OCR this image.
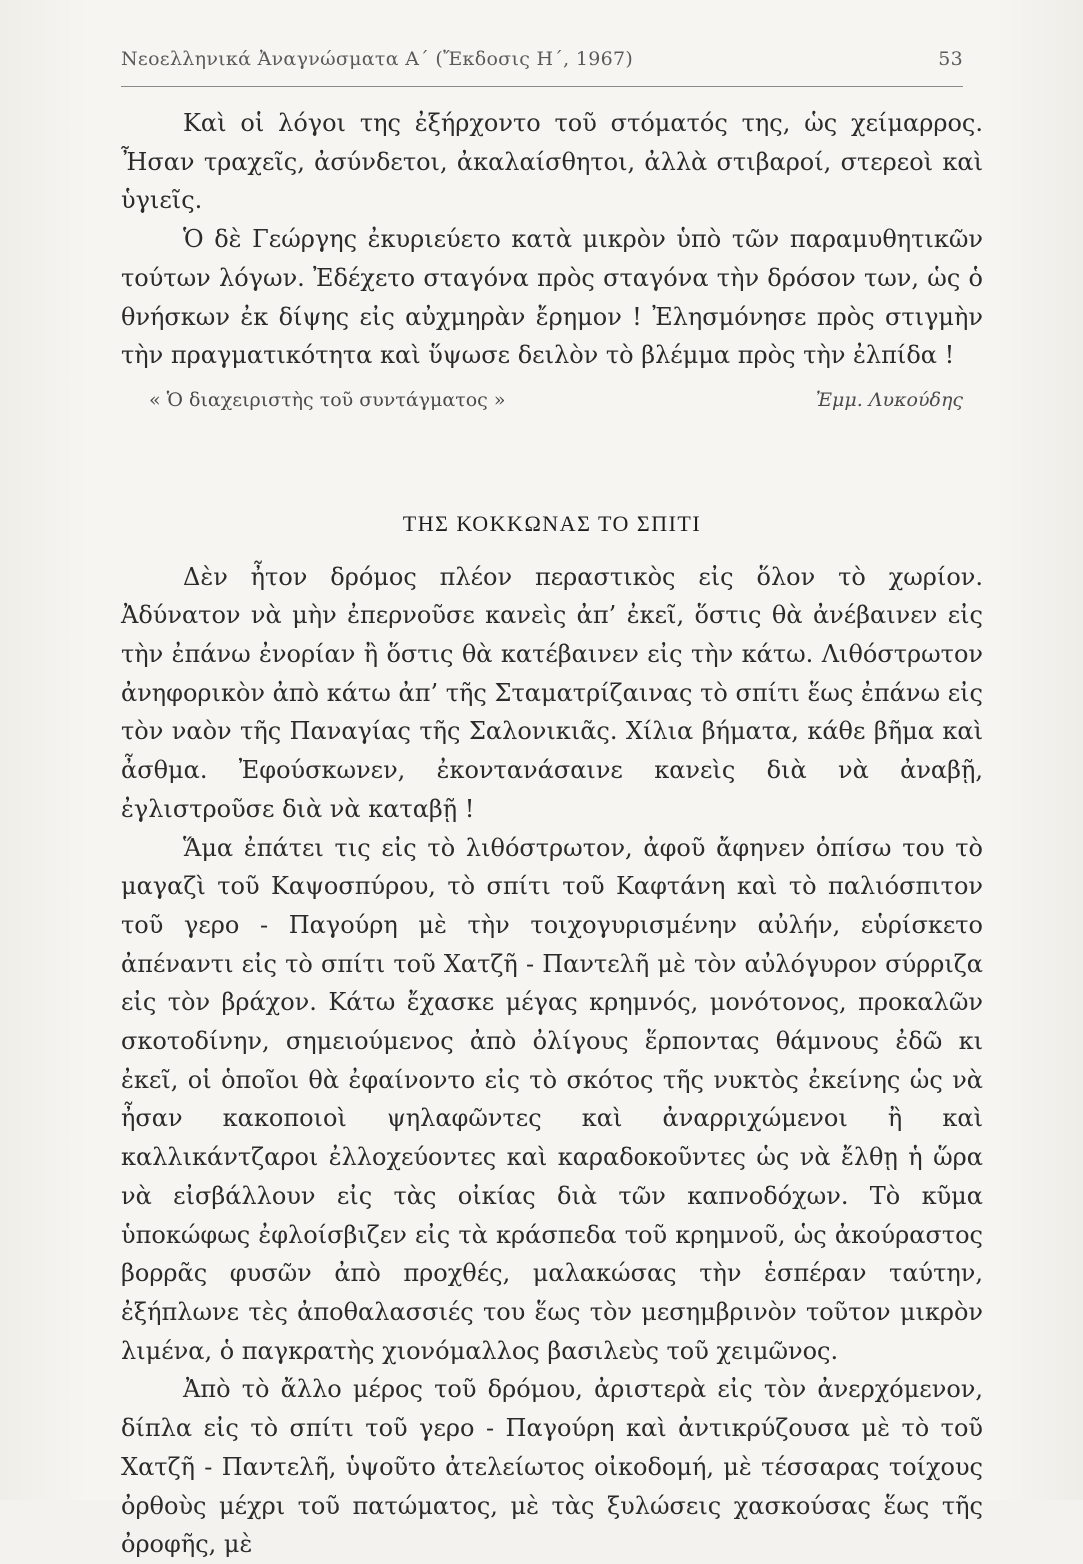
Νεοελληνικά Ἀναγνώσματα Α΄ (Ἔκδοσις Η΄, 1967)	53

Καὶ οἱ λόγοι της ἐξήρχοντο τοῦ στόματός της, ὡς χείμαρρος. Ἦσαν τραχεῖς, ἀσύνδετοι, ἀκαλαίσθητοι, ἀλλὰ στιβαροί, στερεοὶ καὶ ὑγιεῖς.

Ὁ δὲ Γεώργης ἐκυριεύετο κατὰ μικρὸν ὑπὸ τῶν παραμυθητικῶν τούτων λόγων. Ἐδέχετο σταγόνα πρὸς σταγόνα τὴν δρόσον των, ὡς ὁ θνήσκων ἐκ δίψης εἰς αὐχμηρὰν ἔρημον ! Ἐλησμόνησε πρὸς στιγμὴν τὴν πραγματικότητα καὶ ὕψωσε δειλὸν τὸ βλέμμα πρὸς τὴν ἐλπίδα !

« Ὁ διαχειριστὴς τοῦ συντάγματος »	Ἐμμ. Λυκούδης
ΤΗΣ ΚΟΚΚΩΝΑΣ ΤΟ ΣΠΙΤΙ

Δὲν ἦτον δρόμος πλέον περαστικὸς εἰς ὅλον τὸ χωρίον. Ἀδύνατον νὰ μὴν ἐπερνοῦσε κανεὶς ἀπ’ ἐκεῖ, ὅστις θὰ ἀνέβαινεν εἰς τὴν ἐπάνω ἐνορίαν ἢ ὅστις θὰ κατέβαινεν εἰς τὴν κάτω. Λιθόστρωτον ἀνηφορικὸν ἀπὸ κάτω ἀπ’ τῆς Σταματρίζαινας τὸ σπίτι ἕως ἐπάνω εἰς τὸν ναὸν τῆς Παναγίας τῆς Σαλονικιᾶς. Χίλια βήματα, κάθε βῆμα καὶ ἆσθμα. Ἐφούσκωνεν, ἐκοντανάσαινε κανεὶς διὰ νὰ ἀναβῇ, ἐγλιστροῦσε διὰ νὰ καταβῇ !

Ἅμα ἐπάτει τις εἰς τὸ λιθόστρωτον, ἀφοῦ ἄφηνεν ὀπίσω του τὸ μαγαζὶ τοῦ Καψοσπύρου, τὸ σπίτι τοῦ Καφτάνη καὶ τὸ παλιόσπιτον τοῦ γερο - Παγούρη μὲ τὴν τοιχογυρισμένην αὐλήν, εὑρίσκετο ἀπέναντι εἰς τὸ σπίτι τοῦ Χατζῆ - Παντελῆ μὲ τὸν αὐλόγυρον σύρριζα εἰς τὸν βράχον. Κάτω ἔχασκε μέγας κρημνός, μονότονος, προκαλῶν σκοτοδίνην, σημειούμενος ἀπὸ ὀλίγους ἕρποντας θάμνους ἐδῶ κι ἐκεῖ, οἱ ὁποῖοι θὰ ἐφαίνοντο εἰς τὸ σκότος τῆς νυκτὸς ἐκείνης ὡς νὰ ἦσαν κακοποιοὶ ψηλαφῶντες καὶ ἀναρριχώμενοι ἢ καὶ καλλικάντζαροι ἐλλοχεύοντες καὶ καραδοκοῦντες ὡς νὰ ἔλθῃ ἡ ὥρα νὰ εἰσβάλλουν εἰς τὰς οἰκίας διὰ τῶν καπνοδόχων. Τὸ κῦμα ὑποκώφως ἐφλοίσβιζεν εἰς τὰ κράσπεδα τοῦ κρημνοῦ, ὡς ἀκούραστος βορρᾶς φυσῶν ἀπὸ προχθές, μαλακώσας τὴν ἑσπέραν ταύτην, ἐξήπλωνε τὲς ἀποθαλασσιές του ἕως τὸν μεσημβρινὸν τοῦτον μικρὸν λιμένα, ὁ παγκρατὴς χιονόμαλλος βασιλεὺς τοῦ χειμῶνος.

Ἀπὸ τὸ ἄλλο μέρος τοῦ δρόμου, ἀριστερὰ εἰς τὸν ἀνερχόμενον, δίπλα εἰς τὸ σπίτι τοῦ γερο - Παγούρη καὶ ἀντικρύζουσα μὲ τὸ τοῦ Χατζῆ - Παντελῆ, ὑψοῦτο ἀτελείωτος οἰκοδομή, μὲ τέσσαρας τοίχους ὀρθοὺς μέχρι τοῦ πατώματος, μὲ τὰς ξυλώσεις χασκούσας ἕως τῆς ὀροφῆς, μὲ
